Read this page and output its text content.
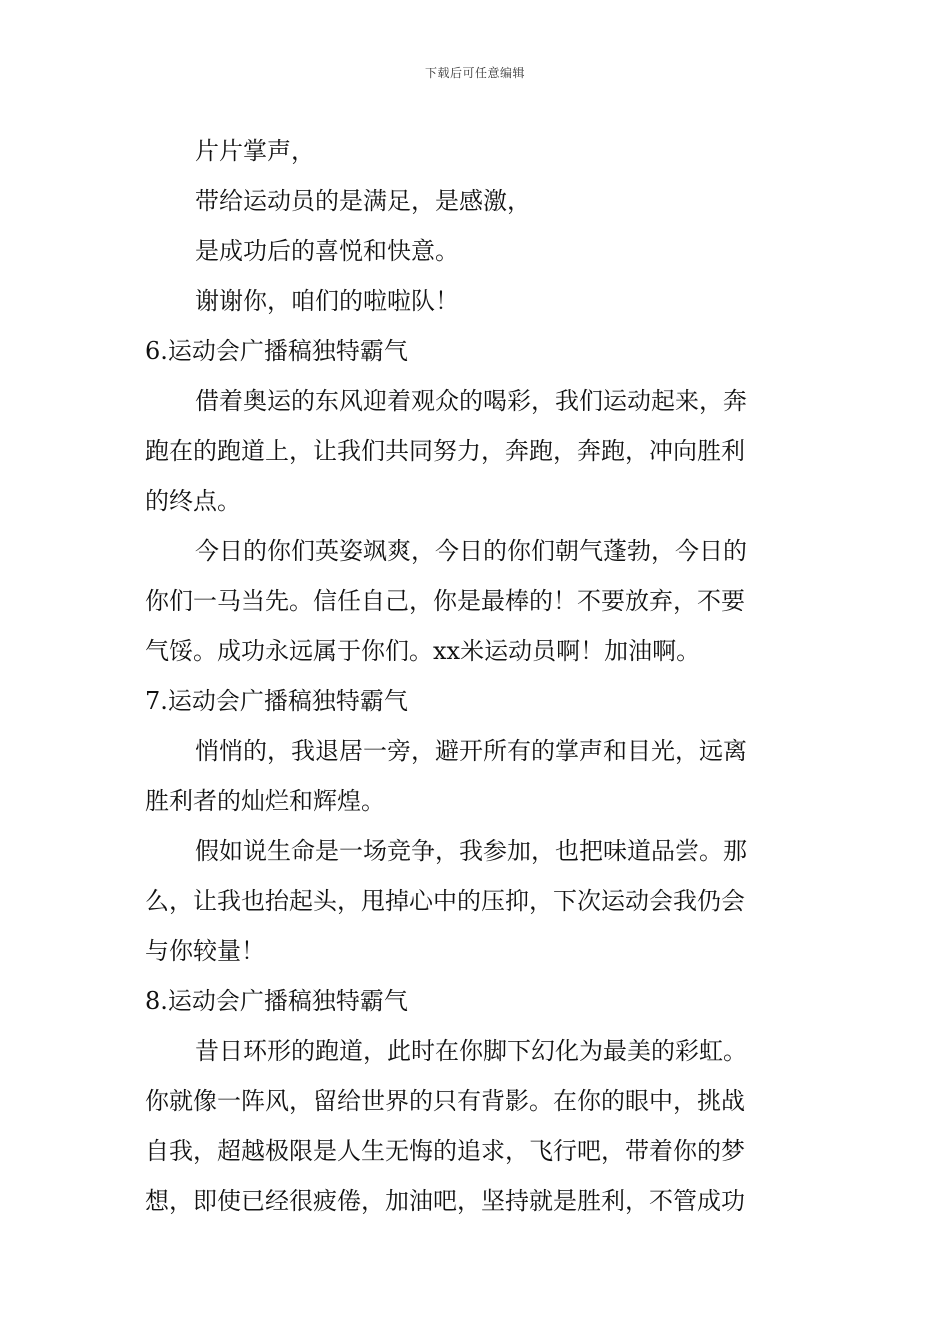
下载后可任意编辑
片片掌声，
带给运动员的是满足，是感激，
是成功后的喜悦和快意。
谢谢你，咱们的啦啦队！
6.运动会广播稿独特霸气
借着奥运的东风迎着观众的喝彩，我们运动起来，奔
跑在的跑道上，让我们共同努力，奔跑，奔跑，冲向胜利
的终点。
今日的你们英姿飒爽，今日的你们朝气蓬勃，今日的
你们一马当先。信任自己，你是最棒的！不要放弃，不要
气馁。成功永远属于你们。xx米运动员啊！加油啊。
7.运动会广播稿独特霸气
悄悄的，我退居一旁，避开所有的掌声和目光，远离
胜利者的灿烂和辉煌。
假如说生命是一场竞争，我参加，也把味道品尝。那
么，让我也抬起头，甩掉心中的压抑，下次运动会我仍会
与你较量！
8.运动会广播稿独特霸气
昔日环形的跑道，此时在你脚下幻化为最美的彩虹。
你就像一阵风，留给世界的只有背影。在你的眼中，挑战
自我，超越极限是人生无悔的追求，飞行吧，带着你的梦
想，即使已经很疲倦，加油吧，坚持就是胜利，不管成功
